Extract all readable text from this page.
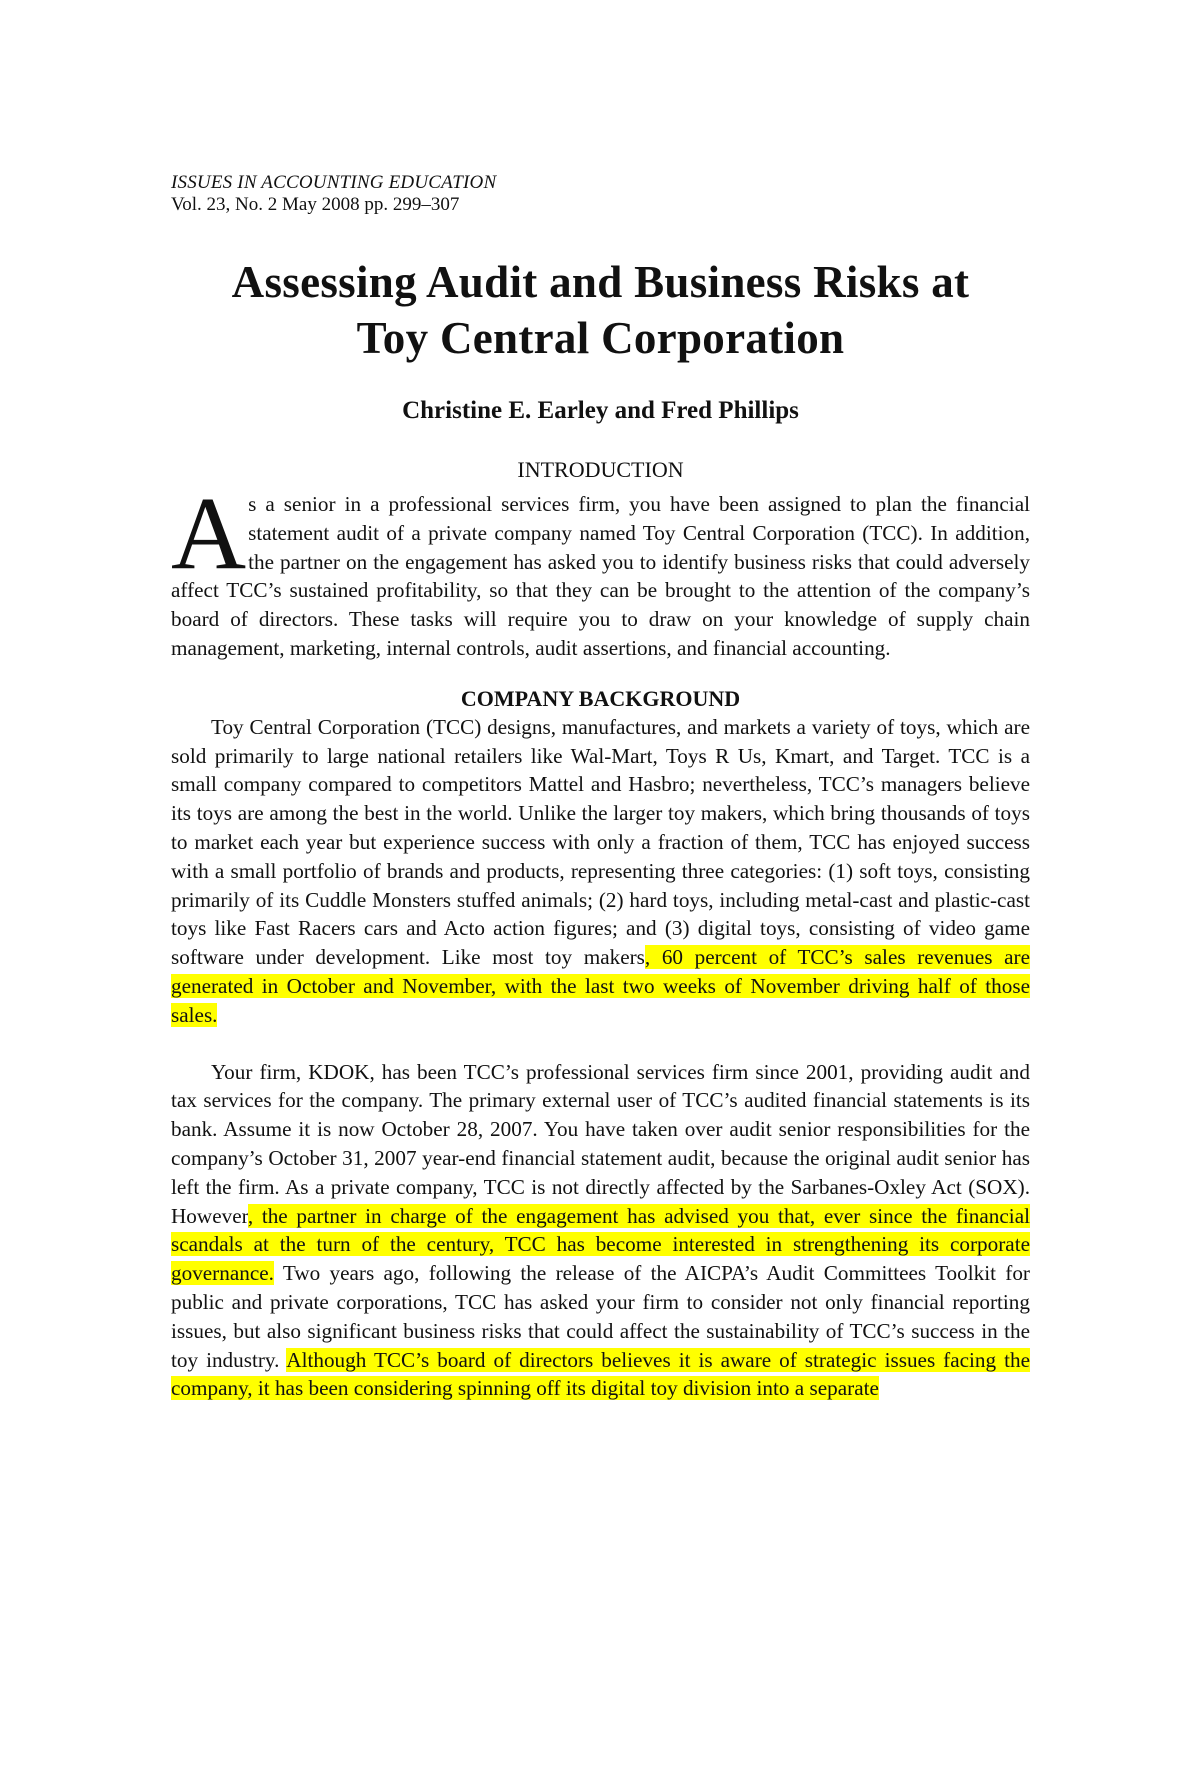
ISSUES IN ACCOUNTING EDUCATION
Vol. 23, No. 2 May 2008 pp. 299–307
Assessing Audit and Business Risks at
Toy Central Corporation
Christine E. Earley and Fred Phillips
INTRODUCTION

As a senior in a professional services firm, you have been assigned to plan the financial statement audit of a private company named Toy Central Corporation (TCC). In addition, the partner on the engagement has asked you to identify business risks that could adversely affect TCC’s sustained profitability, so that they can be brought to the attention of the company’s board of directors. These tasks will require you to draw on your knowledge of supply chain management, marketing, internal controls, audit assertions, and financial accounting.

COMPANY BACKGROUND

Toy Central Corporation (TCC) designs, manufactures, and markets a variety of toys, which are sold primarily to large national retailers like Wal-Mart, Toys R Us, Kmart, and Target. TCC is a small company compared to competitors Mattel and Hasbro; nevertheless, TCC’s managers believe its toys are among the best in the world. Unlike the larger toy makers, which bring thousands of toys to market each year but experience success with only a fraction of them, TCC has enjoyed success with a small portfolio of brands and products, representing three categories: (1) soft toys, consisting primarily of its Cuddle Monsters stuffed animals; (2) hard toys, including metal-cast and plastic-cast toys like Fast Racers cars and Acto action figures; and (3) digital toys, consisting of video game software under development. Like most toy makers, 60 percent of TCC’s sales revenues are generated in October and November, with the last two weeks of November driving half of those sales.

Your firm, KDOK, has been TCC’s professional services firm since 2001, providing audit and tax services for the company. The primary external user of TCC’s audited financial statements is its bank. Assume it is now October 28, 2007. You have taken over audit senior responsibilities for the company’s October 31, 2007 year-end financial statement audit, because the original audit senior has left the firm. As a private company, TCC is not directly affected by the Sarbanes-Oxley Act (SOX). However, the partner in charge of the engagement has advised you that, ever since the financial scandals at the turn of the century, TCC has become interested in strengthening its corporate governance. Two years ago, following the release of the AICPA’s Audit Committees Toolkit for public and private corporations, TCC has asked your firm to consider not only financial reporting issues, but also significant business risks that could affect the sustainability of TCC’s success in the toy industry. Although TCC’s board of directors believes it is aware of strategic issues facing the company, it has been considering spinning off its digital toy division into a separate
